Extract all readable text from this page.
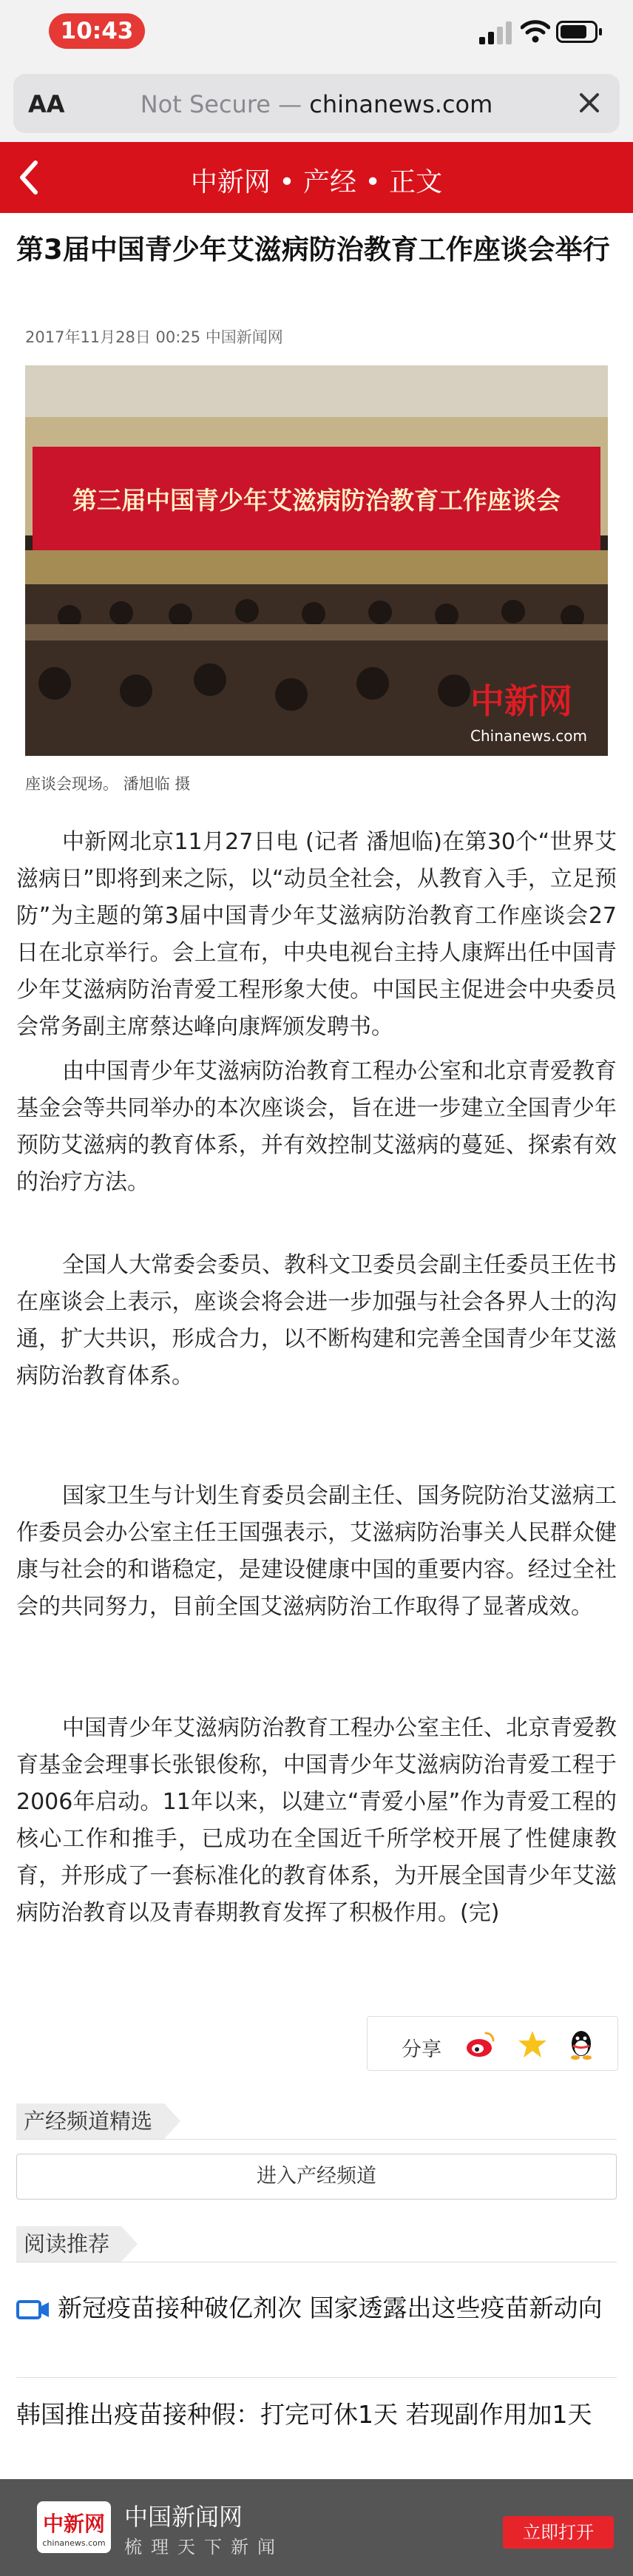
10:43
AA	Not Secure — chinanews.com
中新网 • 产经 • 正文
第3届中国青少年艾滋病防治教育工作座谈会举行
2017年11月28日 00:25 中国新闻网
第三届中国青少年艾滋病防治教育工作座谈会
中新网
Chinanews.com
座谈会现场。 潘旭临 摄

中新网北京11月27日电 (记者 潘旭临)在第30个“世界艾滋病日”即将到来之际，以“动员全社会，从教育入手，立足预防”为主题的第3届中国青少年艾滋病防治教育工作座谈会27日在北京举行。会上宣布，中央电视台主持人康辉出任中国青少年艾滋病防治青爱工程形象大使。中国民主促进会中央委员会常务副主席蔡达峰向康辉颁发聘书。

由中国青少年艾滋病防治教育工程办公室和北京青爱教育基金会等共同举办的本次座谈会，旨在进一步建立全国青少年预防艾滋病的教育体系，并有效控制艾滋病的蔓延、探索有效的治疗方法。

全国人大常委会委员、教科文卫委员会副主任委员王佐书在座谈会上表示，座谈会将会进一步加强与社会各界人士的沟通，扩大共识，形成合力，以不断构建和完善全国青少年艾滋病防治教育体系。

国家卫生与计划生育委员会副主任、国务院防治艾滋病工作委员会办公室主任王国强表示，艾滋病防治事关人民群众健康与社会的和谐稳定，是建设健康中国的重要内容。经过全社会的共同努力，目前全国艾滋病防治工作取得了显著成效。

中国青少年艾滋病防治教育工程办公室主任、北京青爱教育基金会理事长张银俊称，中国青少年艾滋病防治青爱工程于2006年启动。11年以来，以建立“青爱小屋”作为青爱工程的核心工作和推手，已成功在全国近千所学校开展了性健康教育，并形成了一套标准化的教育体系，为开展全国青少年艾滋病防治教育以及青春期教育发挥了积极作用。(完)

分享
产经频道精选
进入产经频道
阅读推荐
新冠疫苗接种破亿剂次 国家透露出这些疫苗新动向
韩国推出疫苗接种假：打完可休1天 若现副作用加1天
中新网
chinanews.com
中国新闻网
梳理天下新闻
立即打开
